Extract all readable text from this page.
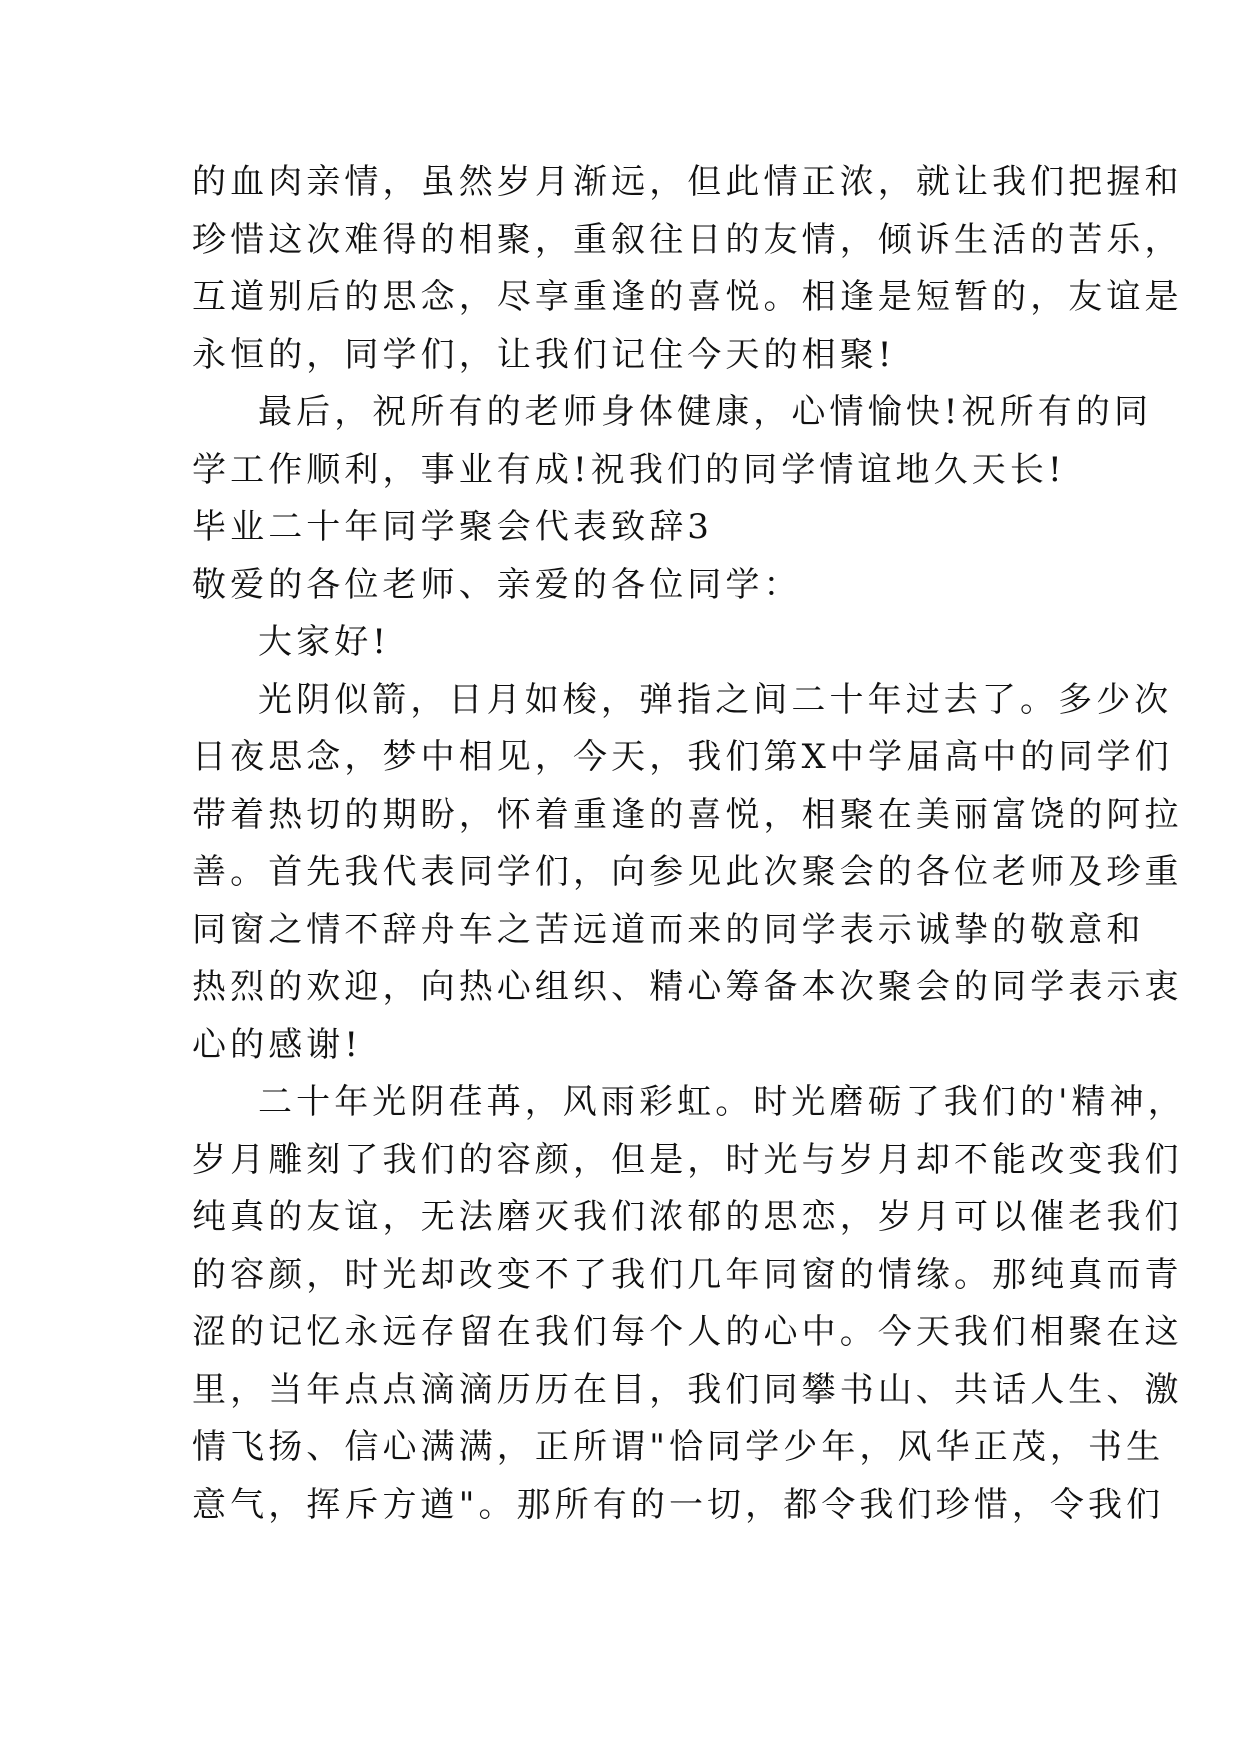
的血肉亲情，虽然岁月渐远，但此情正浓，就让我们把握和
珍惜这次难得的相聚，重叙往日的友情，倾诉生活的苦乐，
互道别后的思念，尽享重逢的喜悦。相逢是短暂的，友谊是
永恒的，同学们，让我们记住今天的相聚!
最后，祝所有的老师身体健康，心情愉快!祝所有的同
学工作顺利，事业有成!祝我们的同学情谊地久天长!
毕业二十年同学聚会代表致辞3
敬爱的各位老师、亲爱的各位同学：
大家好!
光阴似箭，日月如梭，弹指之间二十年过去了。多少次
日夜思念，梦中相见，今天，我们第X中学届高中的同学们
带着热切的期盼，怀着重逢的喜悦，相聚在美丽富饶的阿拉
善。首先我代表同学们，向参见此次聚会的各位老师及珍重
同窗之情不辞舟车之苦远道而来的同学表示诚挚的敬意和
热烈的欢迎，向热心组织、精心筹备本次聚会的同学表示衷
心的感谢!
二十年光阴荏苒，风雨彩虹。时光磨砺了我们的'精神，
岁月雕刻了我们的容颜，但是，时光与岁月却不能改变我们
纯真的友谊，无法磨灭我们浓郁的思恋，岁月可以催老我们
的容颜，时光却改变不了我们几年同窗的情缘。那纯真而青
涩的记忆永远存留在我们每个人的心中。今天我们相聚在这
里，当年点点滴滴历历在目，我们同攀书山、共话人生、激
情飞扬、信心满满，正所谓"恰同学少年，风华正茂，书生
意气，挥斥方遒"。那所有的一切，都令我们珍惜，令我们
